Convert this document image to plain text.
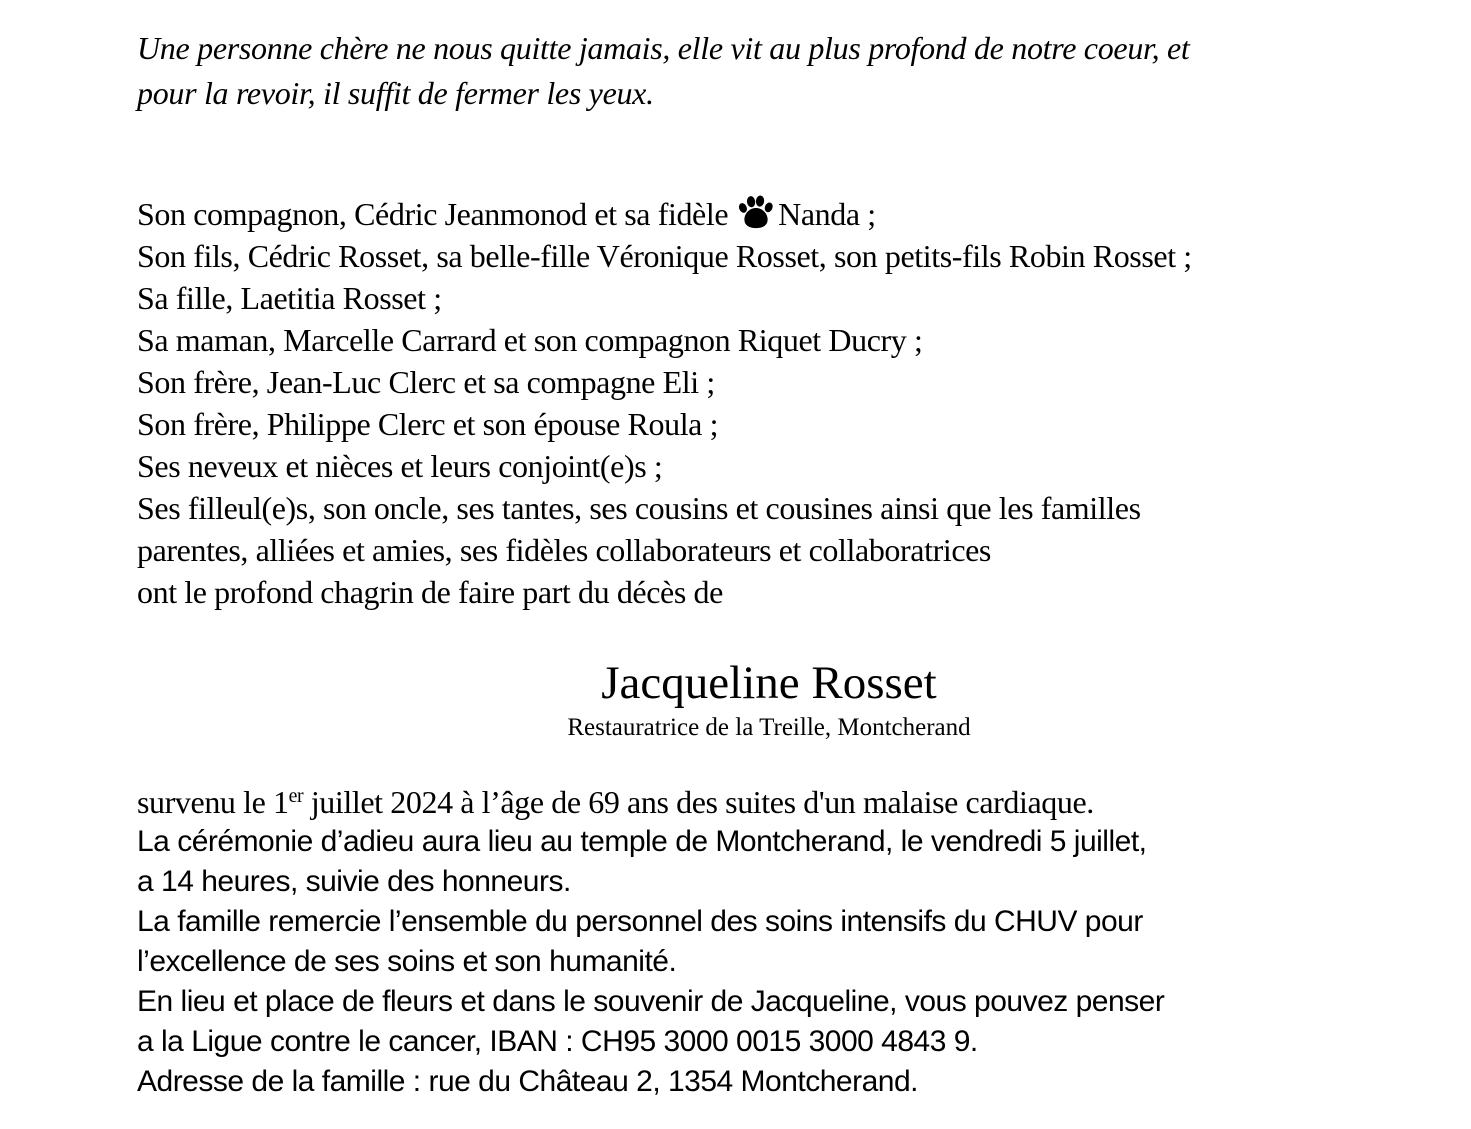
Une personne chère ne nous quitte jamais, elle vit au plus profond de notre coeur, et
pour la revoir, il suffit de fermer les yeux.
Son compagnon, Cédric Jeanmonod et sa fidèle Nanda ;
Son fils, Cédric Rosset, sa belle-fille Véronique Rosset, son petits-fils Robin Rosset ;
Sa fille, Laetitia Rosset ;
Sa maman, Marcelle Carrard et son compagnon Riquet Ducry ;
Son frère, Jean-Luc Clerc et sa compagne Eli ;
Son frère, Philippe Clerc et son épouse Roula ;
Ses neveux et nièces et leurs conjoint(e)s ;
Ses filleul(e)s, son oncle, ses tantes, ses cousins et cousines ainsi que les familles
parentes, alliées et amies, ses fidèles collaborateurs et collaboratrices
ont le profond chagrin de faire part du décès de
Jacqueline Rosset
Restauratrice de la Treille, Montcherand
survenu le 1er juillet 2024 à l’âge de 69 ans des suites d'un malaise cardiaque.
La cérémonie d’adieu aura lieu au temple de Montcherand, le vendredi 5 juillet,
a 14 heures, suivie des honneurs.
La famille remercie l’ensemble du personnel des soins intensifs du CHUV pour
l’excellence de ses soins et son humanité.
En lieu et place de fleurs et dans le souvenir de Jacqueline, vous pouvez penser
a la Ligue contre le cancer, IBAN : CH95 3000 0015 3000 4843 9.
Adresse de la famille : rue du Château 2, 1354 Montcherand.
